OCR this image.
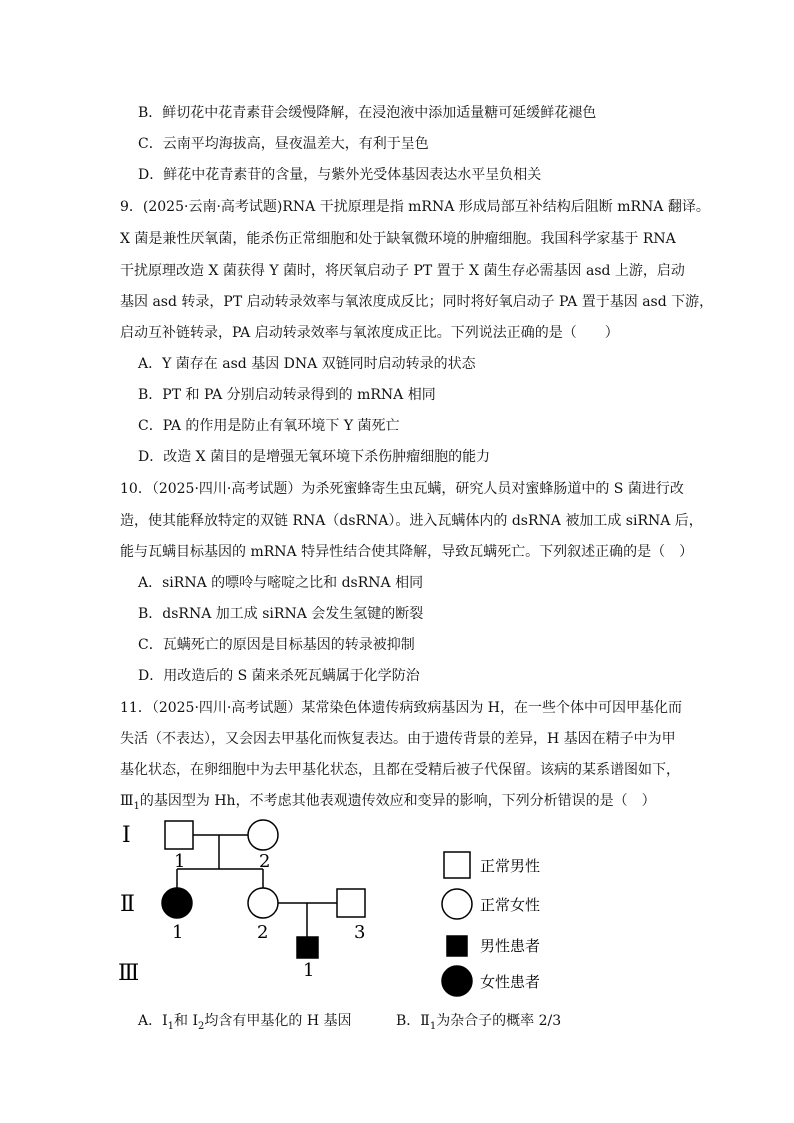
B．鲜切花中花青素苷会缓慢降解，在浸泡液中添加适量糖可延缓鲜花褪色
C．云南平均海拔高，昼夜温差大，有利于呈色
D．鲜花中花青素苷的含量，与紫外光受体基因表达水平呈负相关
9．(2025·云南·高考试题)RNA 干扰原理是指 mRNA 形成局部互补结构后阻断 mRNA 翻译。
X 菌是兼性厌氧菌，能杀伤正常细胞和处于缺氧微环境的肿瘤细胞。我国科学家基于 RNA
干扰原理改造 X 菌获得 Y 菌时，将厌氧启动子 PT 置于 X 菌生存必需基因 asd 上游，启动
基因 asd 转录，PT 启动转录效率与氧浓度成反比；同时将好氧启动子 PA 置于基因 asd 下游，
启动互补链转录，PA 启动转录效率与氧浓度成正比。下列说法正确的是（　　）
A．Y 菌存在 asd 基因 DNA 双链同时启动转录的状态
B．PT 和 PA 分别启动转录得到的 mRNA 相同
C．PA 的作用是防止有氧环境下 Y 菌死亡
D．改造 X 菌目的是增强无氧环境下杀伤肿瘤细胞的能力
10．（2025·四川·高考试题）为杀死蜜蜂寄生虫瓦螨，研究人员对蜜蜂肠道中的 S 菌进行改
造，使其能释放特定的双链 RNA（dsRNA）。进入瓦螨体内的 dsRNA 被加工成 siRNA 后，
能与瓦螨目标基因的 mRNA 特异性结合使其降解，导致瓦螨死亡。下列叙述正确的是（　）
A．siRNA 的嘌呤与嘧啶之比和 dsRNA 相同
B．dsRNA 加工成 siRNA 会发生氢键的断裂
C．瓦螨死亡的原因是目标基因的转录被抑制
D．用改造后的 S 菌来杀死瓦螨属于化学防治
11．（2025·四川·高考试题）某常染色体遗传病致病基因为 H，在一些个体中可因甲基化而
失活（不表达），又会因去甲基化而恢复表达。由于遗传背景的差异，H 基因在精子中为甲
基化状态，在卵细胞中为去甲基化状态，且都在受精后被子代保留。该病的某系谱图如下，
$Ⅲ_1$的基因型为 Hh，不考虑其他表观遗传效应和变异的影响，下列分析错误的是（　）
Ⅰ
Ⅱ
Ⅲ
1	2
1	2	3
1
正常男性
正常女性
男性患者
女性患者
A．$I_1$和 $I_2$均含有甲基化的 H 基因	B．$Ⅱ_1$为杂合子的概率 2/3
